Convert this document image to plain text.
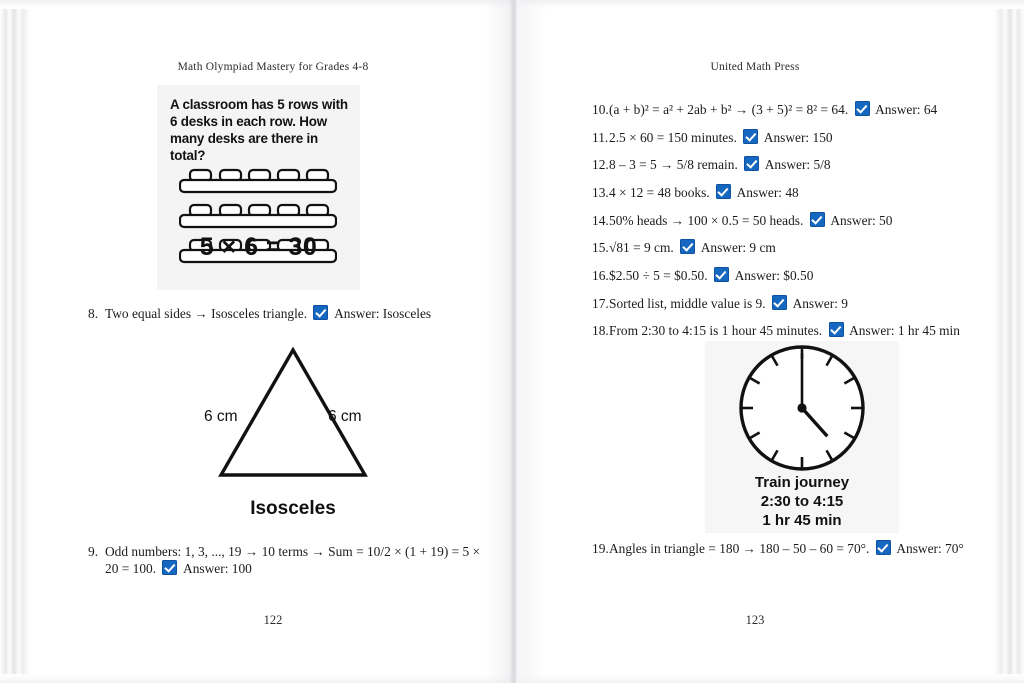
Math Olympiad Mastery for Grades 4-8
A classroom has 5 rows with 6 desks in each row. How many desks are there in total?
5 × 6 = 30

8. Two equal sides → Isosceles triangle. Answer: Isosceles

6 cm	6 cm
Isosceles

9. Odd numbers: 1, 3, ..., 19 → 10 terms → Sum = 10/2 × (1 + 19) = 5 × 20 = 100. Answer: 100

122
United Math Press

10.(a + b)² = a² + 2ab + b² → (3 + 5)² = 8² = 64. Answer: 64

11.2.5 × 60 = 150 minutes. Answer: 150

12.8 – 3 = 5 → 5/8 remain. Answer: 5/8

13.4 × 12 = 48 books. Answer: 48

14.50% heads → 100 × 0.5 = 50 heads. Answer: 50

15.√81 = 9 cm. Answer: 9 cm

16.$2.50 ÷ 5 = $0.50. Answer: $0.50

17.Sorted list, middle value is 9. Answer: 9

18.From 2:30 to 4:15 is 1 hour 45 minutes. Answer: 1 hr 45 min

Train journey
2:30 to 4:15
1 hr 45 min

19.Angles in triangle = 180 → 180 – 50 – 60 = 70°. Answer: 70°

123
